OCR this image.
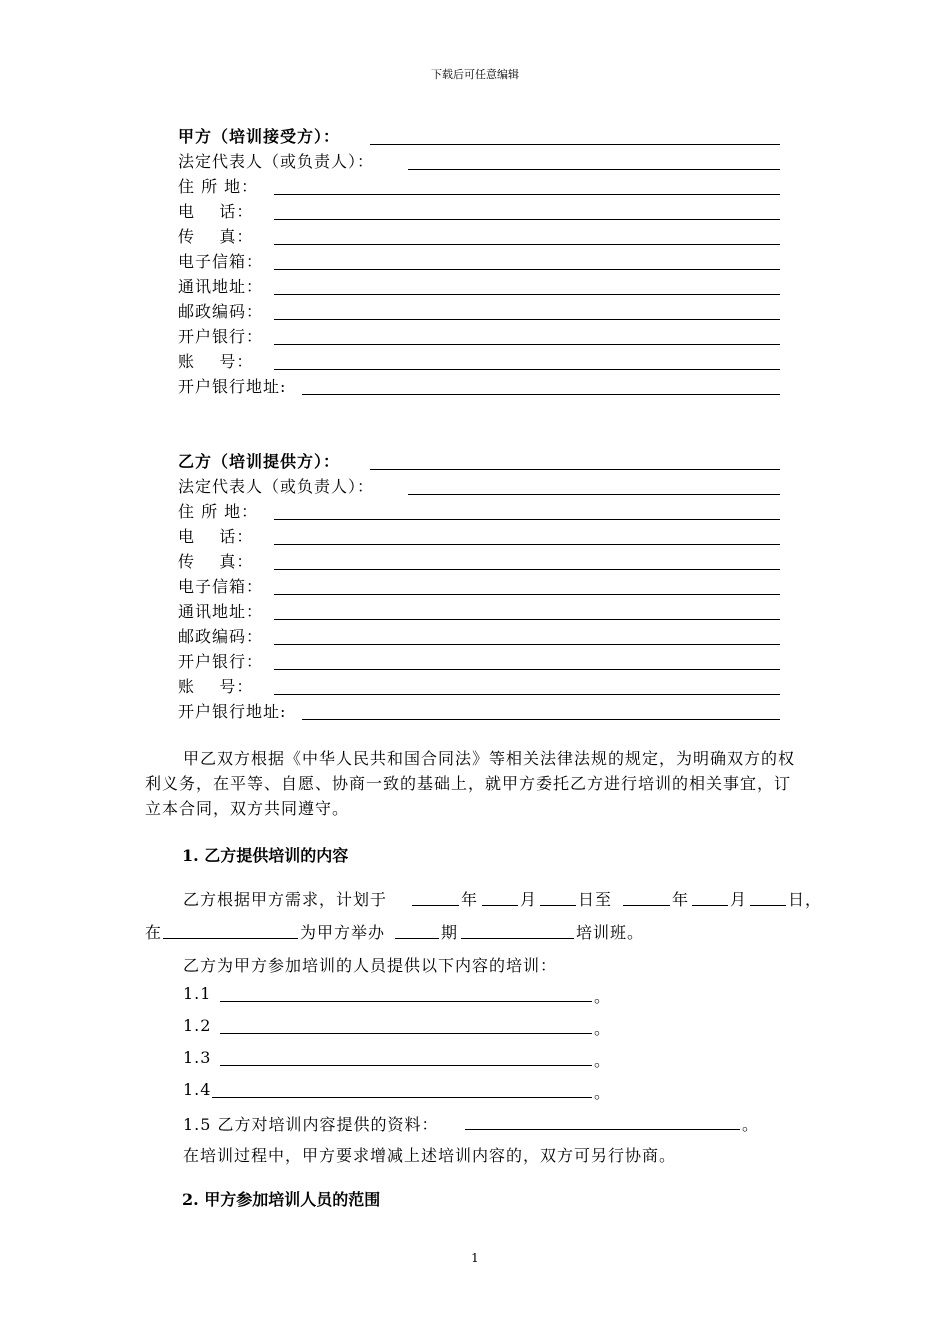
下载后可任意编辑
1
甲方（培训接受方）：
法定代表人（或负责人）：
住 所 地：
电    话：
传    真：
电子信箱：
通讯地址：
邮政编码：
开户银行：
账    号：
开户银行地址:
乙方（培训提供方）：
法定代表人（或负责人）：
住 所 地：
电    话：
传    真：
电子信箱：
通讯地址：
邮政编码：
开户银行：
账    号：
开户银行地址:
甲乙双方根据《中华人民共和国合同法》等相关法律法规的规定，为明确双方的权利义务，在平等、自愿、协商一致的基础上，就甲方委托乙方进行培训的相关事宜，订立本合同，双方共同遵守。
1. 乙方提供培训的内容
乙方根据甲方需求，计划于	年	月	日至	年	月	日，
在	为甲方举办	期	培训班。
乙方为甲方参加培训的人员提供以下内容的培训：
1.1	。
1.2	。
1.3	。
1.4	。
1.5 乙方对培训内容提供的资料：	。
在培训过程中，甲方要求增减上述培训内容的，双方可另行协商。
2. 甲方参加培训人员的范围
